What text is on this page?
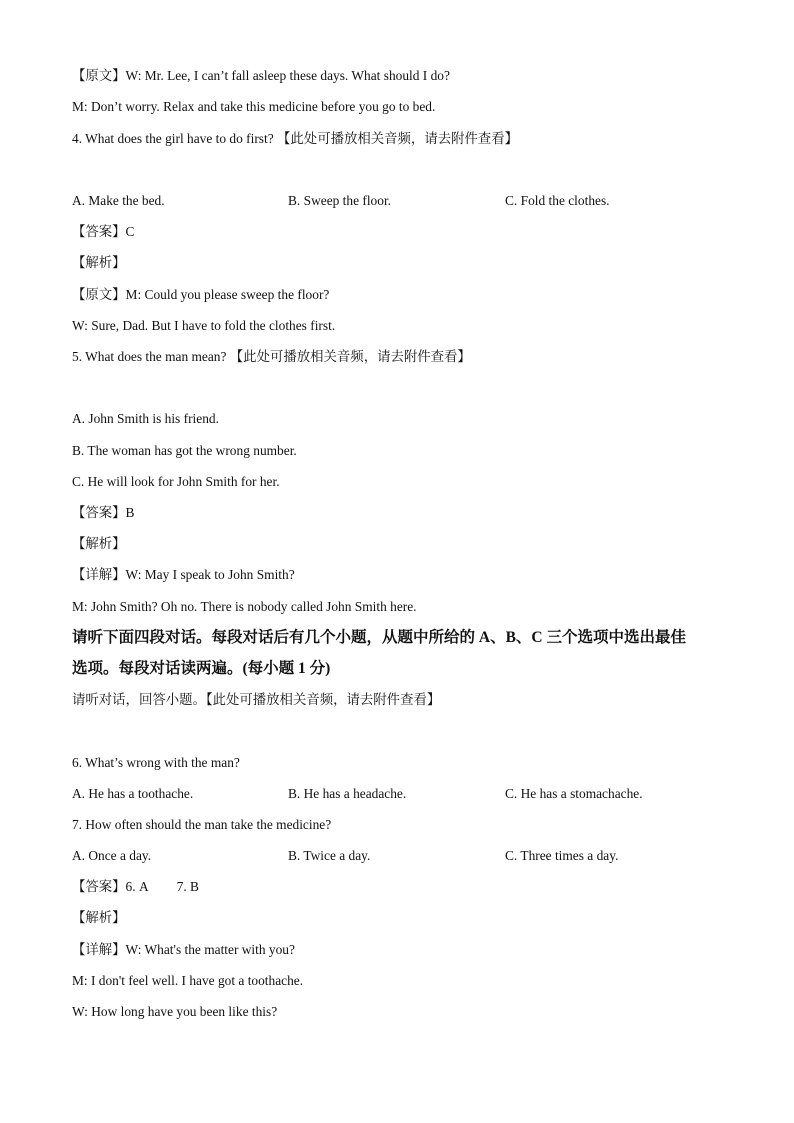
【原文】W: Mr. Lee, I can’t fall asleep these days. What should I do?
M: Don’t worry. Relax and take this medicine before you go to bed.
4. What does the girl have to do first? 【此处可播放相关音频，请去附件查看】
A. Make the bed.	B. Sweep the floor.	C. Fold the clothes.
【答案】C
【解析】
【原文】M: Could you please sweep the floor?
W: Sure, Dad. But I have to fold the clothes first.
5. What does the man mean? 【此处可播放相关音频，请去附件查看】
A. John Smith is his friend.
B. The woman has got the wrong number.
C. He will look for John Smith for her.
【答案】B
【解析】
【详解】W: May I speak to John Smith?
M: John Smith? Oh no. There is nobody called John Smith here.
请听下面四段对话。每段对话后有几个小题，从题中所给的 A、B、C 三个选项中选出最佳
选项。每段对话读两遍。(每小题 1 分)
请听对话，回答小题。【此处可播放相关音频，请去附件查看】
6. What’s wrong with the man?
A. He has a toothache.	B. He has a headache.	C. He has a stomachache.
7. How often should the man take the medicine?
A. Once a day.	B. Twice a day.	C. Three times a day.
【答案】6. A 7. B
【解析】
【详解】W: What's the matter with you?
M: I don't feel well. I have got a toothache.
W: How long have you been like this?
